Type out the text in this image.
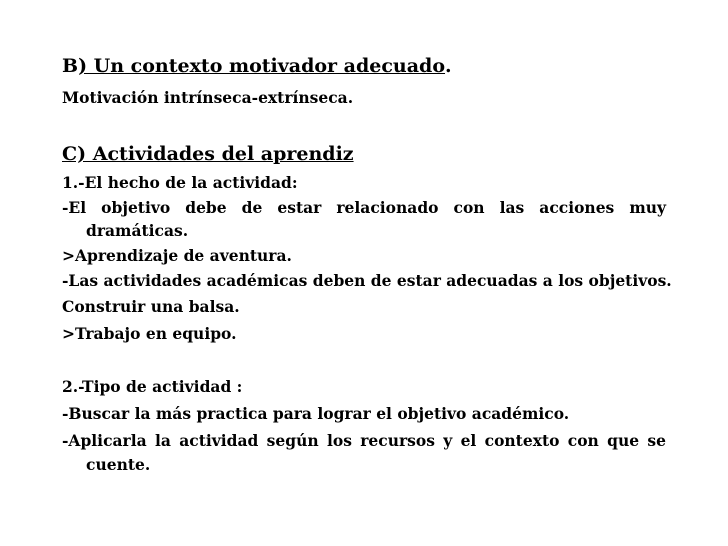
B) Un contexto motivador adecuado.
Motivación intrínseca-extrínseca.
C) Actividades del aprendiz
1.-El hecho de la actividad:
-El objetivo debe de estar relacionado con las acciones muy
dramáticas.
>Aprendizaje de aventura.
-Las actividades académicas deben de estar adecuadas a los objetivos.
Construir una balsa.
>Trabajo en equipo.
2.-Tipo de actividad :
-Buscar la más practica para lograr el objetivo académico.
-Aplicarla la actividad según los recursos y el contexto con que se
cuente.
